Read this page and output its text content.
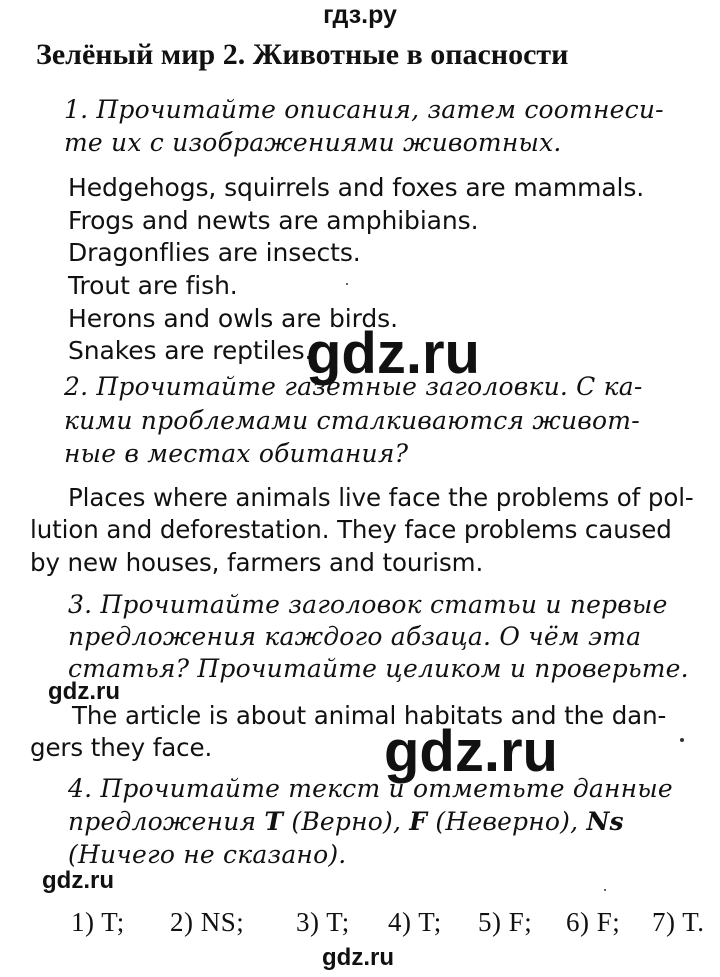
гдз.ру
Зелёный мир 2. Животные в опасности
1. Прочитайте описания, затем соотнеси-
те их с изображениями животных.
Hedgehogs, squirrels and foxes are mammals.
Frogs and newts are amphibians.
Dragonflies are insects.
Trout are fish.
Herons and owls are birds.
Snakes are reptiles.
2. Прочитайте газетные заголовки. С ка-
кими проблемами сталкиваются живот-
ные в местах обитания?
Places where animals live face the problems of pol-
lution and deforestation. They face problems caused
by new houses, farmers and tourism.
3. Прочитайте заголовок статьи и первые
предложения каждого абзаца. О чём эта
статья? Прочитайте целиком и проверьте.
The article is about animal habitats and the dan-
gers they face.
4. Прочитайте текст и отметьте данные
предложения T (Верно), F (Неверно), Ns
(Ничего не сказано).
1) T; 2) NS; 3) T; 4) T; 5) F; 6) F; 7) T.
gdz.ru
gdz.ru
gdz.ru
gdz.ru
gdz.ru
